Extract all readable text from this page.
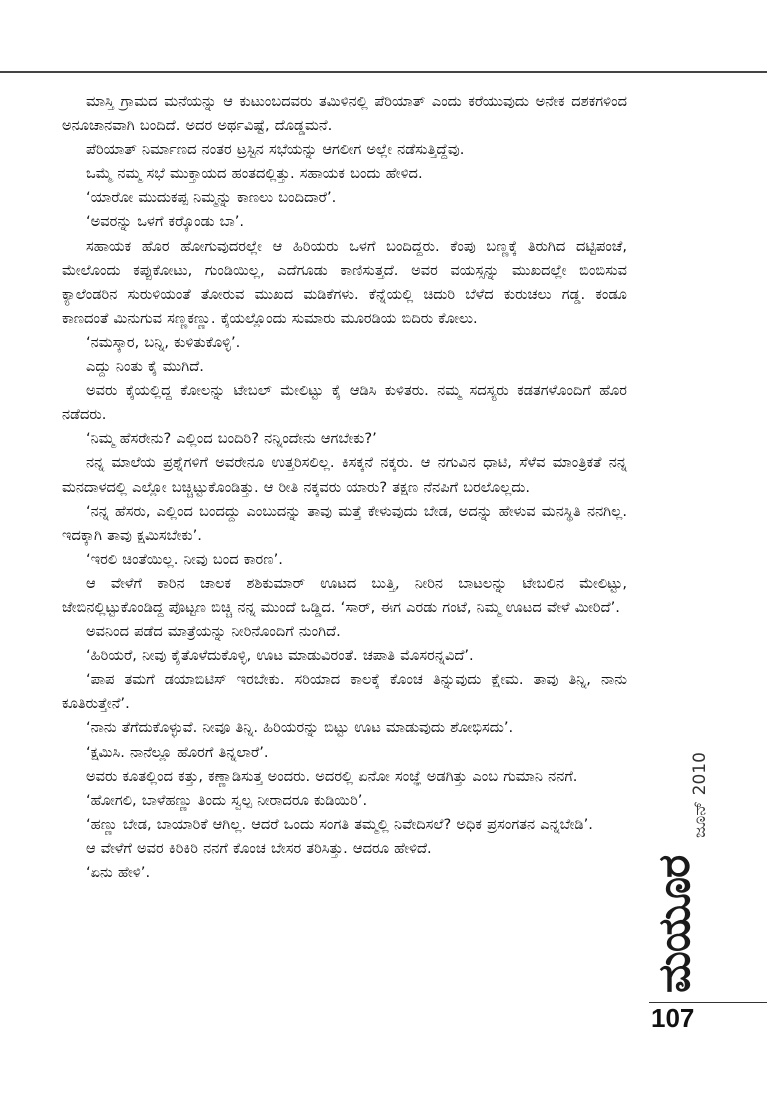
ಮಾಸ್ತಿ ಗ್ರಾಮದ ಮನೆಯನ್ನು ಆ ಕುಟುಂಬದವರು ತಮಿಳಿನಲ್ಲಿ ಪೆರಿಯಾತ್ ಎಂದು ಕರೆಯುವುದು ಅನೇಕ ದಶಕಗಳಿಂದ ಅನೂಚಾನವಾಗಿ ಬಂದಿದೆ. ಅದರ ಅರ್ಥವಿಷ್ಟೆ, ದೊಡ್ಡಮನೆ.

ಪೆರಿಯಾತ್ ನಿರ್ಮಾಣದ ನಂತರ ಟ್ರಸ್ಟಿನ ಸಭೆಯನ್ನು ಆಗಲೀಗ ಅಲ್ಲೇ ನಡೆಸುತ್ತಿದ್ದೆವು.

ಒಮ್ಮೆ ನಮ್ಮ ಸಭೆ ಮುಕ್ತಾಯದ ಹಂತದಲ್ಲಿತ್ತು. ಸಹಾಯಕ ಬಂದು ಹೇಳಿದ.

‘ಯಾರೋ ಮುದುಕಪ್ಪ ನಿಮ್ಮನ್ನು ಕಾಣಲು ಬಂದಿದಾರೆ’.

‘ಅವರನ್ನು ಒಳಗೆ ಕರ್‍ಕೊಂಡು ಬಾ’.

ಸಹಾಯಕ ಹೊರ ಹೋಗುವುದರಲ್ಲೇ ಆ ಹಿರಿಯರು ಒಳಗೆ ಬಂದಿದ್ದರು. ಕೆಂಪು ಬಣ್ಣಕ್ಕೆ ತಿರುಗಿದ ದಟ್ಟಿಪಂಚೆ, ಮೇಲೊಂದು ಕಪ್ಪುಕೋಟು, ಗುಂಡಿಯಿಲ್ಲ, ಎದೆಗೂಡು ಕಾಣಿಸುತ್ತದೆ. ಅವರ ವಯಸ್ಸನ್ನು ಮುಖದಲ್ಲೇ ಬಿಂಬಿಸುವ ಕ್ಯಾಲೆಂಡರಿನ ಸುರುಳಿಯಂತೆ ತೋರುವ ಮುಖದ ಮಡಿಕೆಗಳು. ಕೆನ್ನೆಯಲ್ಲಿ ಚಿದುರಿ ಬೆಳೆದ ಕುರುಚಲು ಗಡ್ಡ. ಕಂಡೂ ಕಾಣದಂತೆ ಮಿನುಗುವ ಸಣ್ಣಕಣ್ಣು. ಕೈಯಲ್ಲೊಂದು ಸುಮಾರು ಮೂರಡಿಯ ಬಿದಿರು ಕೋಲು.

‘ನಮಸ್ಕಾರ, ಬನ್ನಿ, ಕುಳಿತುಕೊಳ್ಳಿ’.

ಎದ್ದು ನಿಂತು ಕೈ ಮುಗಿದೆ.

ಅವರು ಕೈಯಲ್ಲಿದ್ದ ಕೋಲನ್ನು ಟೇಬಲ್ ಮೇಲಿಟ್ಟು ಕೈ ಆಡಿಸಿ ಕುಳಿತರು. ನಮ್ಮ ಸದಸ್ಯರು ಕಡತಗಳೊಂದಿಗೆ ಹೊರ ನಡೆದರು.

‘ನಿಮ್ಮ ಹೆಸರೇನು? ಎಲ್ಲಿಂದ ಬಂದಿರಿ? ನನ್ನಿಂದೇನು ಆಗಬೇಕು?’

ನನ್ನ ಮಾಲೆಯ ಪ್ರಶ್ನೆಗಳಿಗೆ ಅವರೇನೂ ಉತ್ತರಿಸಲಿಲ್ಲ. ಕಿಸಕ್ಕನೆ ನಕ್ಕರು. ಆ ನಗುವಿನ ಧಾಟಿ, ಸೆಳೆವ ಮಾಂತ್ರಿಕತೆ ನನ್ನ ಮನದಾಳದಲ್ಲಿ ಎಲ್ಲೋ ಬಚ್ಚಿಟ್ಟುಕೊಂಡಿತ್ತು. ಆ ರೀತಿ ನಕ್ಕವರು ಯಾರು? ತಕ್ಷಣ ನೆನಪಿಗೆ ಬರಲೊಲ್ಲದು.

‘ನನ್ನ ಹೆಸರು, ಎಲ್ಲಿಂದ ಬಂದದ್ದು ಎಂಬುದನ್ನು ತಾವು ಮತ್ತೆ ಕೇಳುವುದು ಬೇಡ, ಅದನ್ನು ಹೇಳುವ ಮನಸ್ಥಿತಿ ನನಗಿಲ್ಲ. ಇದಕ್ಕಾಗಿ ತಾವು ಕ್ಷಮಿಸಬೇಕು’.

‘ಇರಲಿ ಚಿಂತೆಯಿಲ್ಲ. ನೀವು ಬಂದ ಕಾರಣ’.

ಆ ವೇಳೆಗೆ ಕಾರಿನ ಚಾಲಕ ಶಶಿಕುಮಾರ್ ಊಟದ ಬುತ್ತಿ, ನೀರಿನ ಬಾಟಲನ್ನು ಟೇಬಲಿನ ಮೇಲಿಟ್ಟು, ಜೇಬಿನಲ್ಲಿಟ್ಟುಕೊಂಡಿದ್ದ ಪೊಟ್ಟಣ ಬಿಚ್ಚಿ ನನ್ನ ಮುಂದೆ ಒಡ್ಡಿದ. ‘ಸಾರ್, ಈಗ ಎರಡು ಗಂಟೆ, ನಿಮ್ಮ ಊಟದ ವೇಳೆ ಮೀರಿದೆ’.

ಅವನಿಂದ ಪಡೆದ ಮಾತ್ರೆಯನ್ನು ನೀರಿನೊಂದಿಗೆ ನುಂಗಿದೆ.

‘ಹಿರಿಯರೆ, ನೀವು ಕೈತೊಳೆದುಕೊಳ್ಳಿ, ಊಟ ಮಾಡುವಿರಂತೆ. ಚಪಾತಿ ಮೊಸರನ್ನವಿದೆ’.

‘ಪಾಪ ತಮಗೆ ಡಯಾಬಿಟಿಸ್ ಇರಬೇಕು. ಸರಿಯಾದ ಕಾಲಕ್ಕೆ ಕೊಂಚ ತಿನ್ನುವುದು ಕ್ಷೇಮ. ತಾವು ತಿನ್ನಿ, ನಾನು ಕೂತಿರುತ್ತೇನೆ’.

‘ನಾನು ತೆಗೆದುಕೊಳ್ಳುವೆ. ನೀವೂ ತಿನ್ನಿ. ಹಿರಿಯರನ್ನು ಬಿಟ್ಟು ಊಟ ಮಾಡುವುದು ಶೋಭಿಸದು’.

‘ಕ್ಷಮಿಸಿ. ನಾನೆಲ್ಲೂ ಹೊರಗೆ ತಿನ್ನಲಾರೆ’.

ಅವರು ಕೂತಲ್ಲಿಂದ ಕತ್ತು, ಕಣ್ಣಾಡಿಸುತ್ತ ಅಂದರು. ಅದರಲ್ಲಿ ಏನೋ ಸಂಜ್ಞೆ ಅಡಗಿತ್ತು ಎಂಬ ಗುಮಾನಿ ನನಗೆ.

‘ಹೋಗಲಿ, ಬಾಳೆಹಣ್ಣು ತಿಂದು ಸ್ವಲ್ಪ ನೀರಾದರೂ ಕುಡಿಯಿರಿ’.

‘ಹಣ್ಣು ಬೇಡ, ಬಾಯಾರಿಕೆ ಆಗಿಲ್ಲ. ಆದರೆ ಒಂದು ಸಂಗತಿ ತಮ್ಮಲ್ಲಿ ನಿವೇದಿಸಲೆ? ಅಧಿಕ ಪ್ರಸಂಗತನ ಎನ್ನಬೇಡಿ’.

ಆ ವೇಳೆಗೆ ಅವರ ಕಿರಿಕಿರಿ ನನಗೆ ಕೊಂಚ ಬೇಸರ ತರಿಸಿತ್ತು. ಆದರೂ ಹೇಳಿದೆ.

‘ಏನು ಹೇಳಿ’.

ಜೂನ್ 2010
ಮಯೂರ
107
